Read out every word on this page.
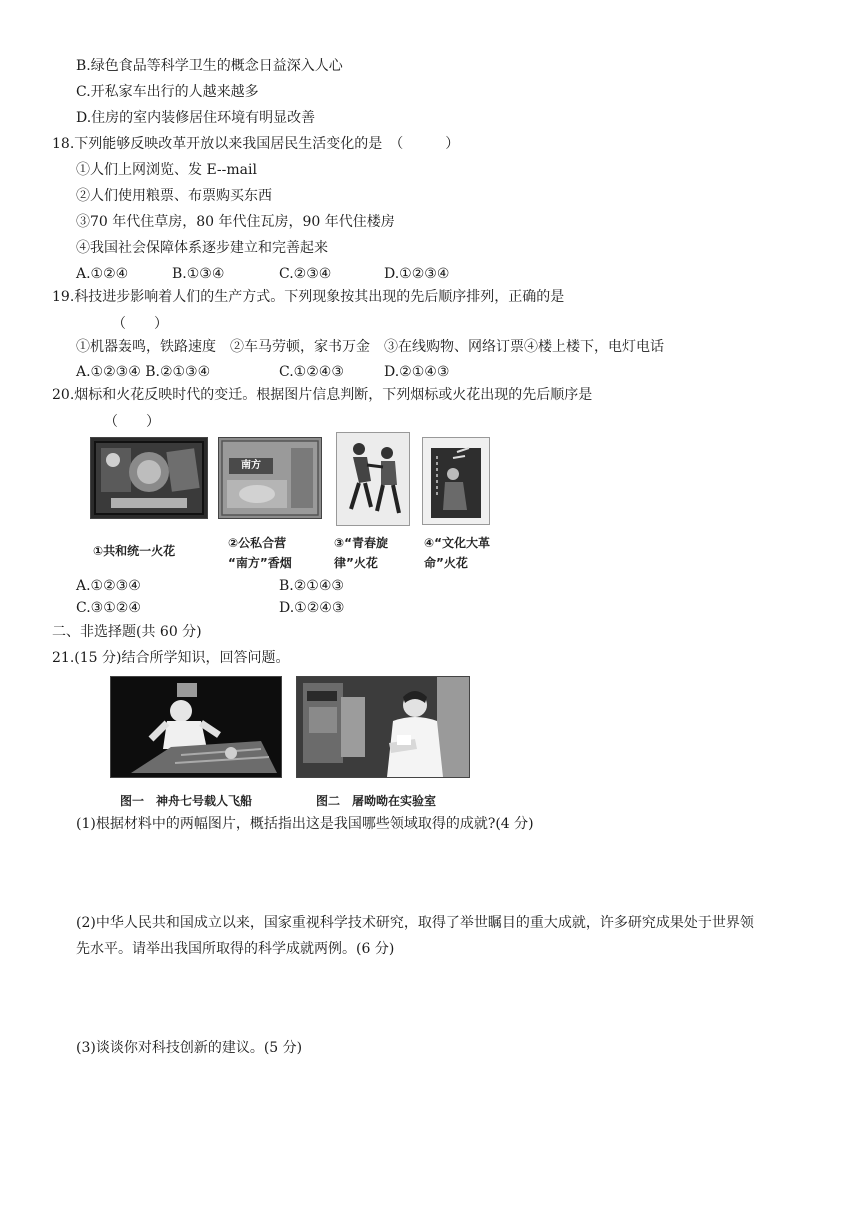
B.绿色食品等科学卫生的概念日益深入人心
C.开私家车出行的人越来越多
D.住房的室内装修居住环境有明显改善
18.下列能够反映改革开放以来我国居民生活变化的是　（　　　）
①人们上网浏览、发 E--mail
②人们使用粮票、布票购买东西
③70 年代住草房，80 年代住瓦房，90 年代住楼房
④我国社会保障体系逐步建立和完善起来
A.①②④	B.①③④	C.②③④	D.①②③④
19.科技进步影响着人们的生产方式。下列现象按其出现的先后顺序排列，正确的是
（　　）
①机器轰鸣，铁路速度　②车马劳顿，家书万金　③在线购物、网络订票④楼上楼下，电灯电话
A.①②③④ B.②①③④	C.①②④③	D.②①④③
20.烟标和火花反映时代的变迁。根据图片信息判断，下列烟标或火花出现的先后顺序是
（　　）
南方
①共和统一火花
②公私合营
“南方”香烟
③“青春旋
律”火花
④“文化大革
命”火花
A.①②③④	B.②①④③
C.③①②④	D.①②④③
二、非选择题(共 60 分)
21.(15 分)结合所学知识，回答问题。
图一　神舟七号载人飞船	图二　屠呦呦在实验室
(1)根据材料中的两幅图片，概括指出这是我国哪些领域取得的成就?(4 分)
(2)中华人民共和国成立以来，国家重视科学技术研究，取得了举世瞩目的重大成就，许多研究成果处于世界领
先水平。请举出我国所取得的科学成就两例。(6 分)
(3)谈谈你对科技创新的建议。(5 分)
